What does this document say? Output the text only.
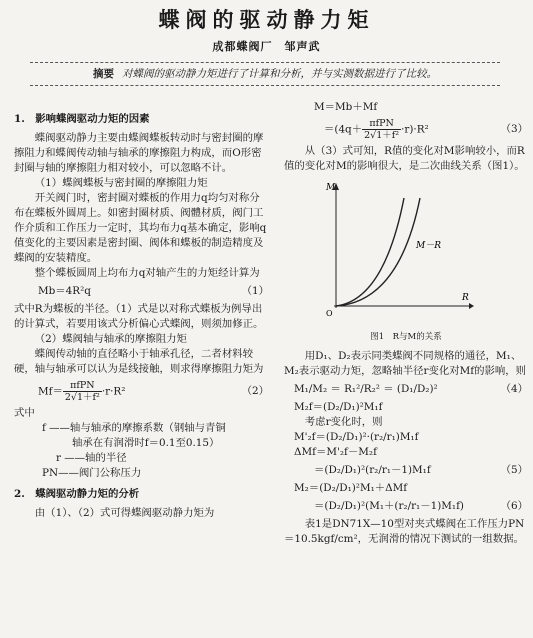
蝶阀的驱动静力矩
成都蝶阀厂　邹声武
摘要 对蝶阀的驱动静力矩进行了计算和分析，并与实测数据进行了比较。

1.　影响蝶阀驱动力矩的因素

蝶阀驱动静力主要由蝶阀蝶板转动时与密封圈的摩擦阻力和蝶阀传动轴与轴承的摩擦阻力构成，而O形密封圈与轴的摩擦阻力相对较小，可以忽略不计。

（1）蝶阀蝶板与密封圈的摩擦阻力矩

开关阀门时，密封圈对蝶板的作用力q均匀对称分布在蝶板外圆周上。如密封圈材质、阀體材质，阀门工作介质和工作压力一定时，其均布力q基本确定，影响q值变化的主要因素是密封圈、阀体和蝶板的制造精度及蝶阀的安装精度。

整个蝶板圆周上均布力q对轴产生的力矩经计算为

Mb＝4R²q	（1）

式中R为蝶板的半径。（1）式是以对称式蝶板为例导出的计算式，若要用该式分析偏心式蝶阀，则须加修正。

（2）蝶阀轴与轴承的摩擦阻力矩

蝶阀传动轴的直径略小于轴承孔径，二者材料较硬，轴与轴承可以认为是线接触，则求得摩擦阻力矩为

$Mf= \frac{\text{πfPN}}{\text{2√1＋f²}} \cdot r\cdot R^2$	（2）

式中

f ——轴与轴承的摩擦系数（钢轴与青铜

轴承在有润滑时f＝0.1至0.15）

r ——轴的半径

PN——阀门公称压力

2.　蝶阀驱动静力矩的分析

由（1）、（2）式可得蝶阀驱动静力矩为

M＝Mb＋Mf

$=(4q+ \frac{\text{πfPN}}{\text{2√1＋f²}} \cdot r)\cdot R^2$	（3）

从（3）式可知，R值的变化对M影响较小，而R值的变化对M的影响很大，是二次曲线关系（图1）。

M
M－R
O
R

图1　R与M的关系

用D₁、D₂表示同类蝶阀不同规格的通径，M₁、M₂表示驱动力矩，忽略轴半径r变化对Mf的影响，则

M₁/M₂ ＝ R₁²/R₂² ＝ (D₁/D₂)²	（4）

M₂f＝(D₂/D₁)²M₁f

考虑r变化时，则

M'₂f＝(D₂/D₁)²·(r₂/r₁)M₁f

ΔMf＝M'₂f－M₂f

＝(D₂/D₁)²(r₂/r₁－1)M₁f	（5）

M₂＝(D₂/D₁)²M₁＋ΔMf

＝(D₂/D₁)²(M₁＋(r₂/r₁－1)M₁f)	（6）

表1是DN71X—10型对夹式蝶阀在工作压力PN＝10.5kgf/cm²，无润滑的情况下测试的一组数据。
